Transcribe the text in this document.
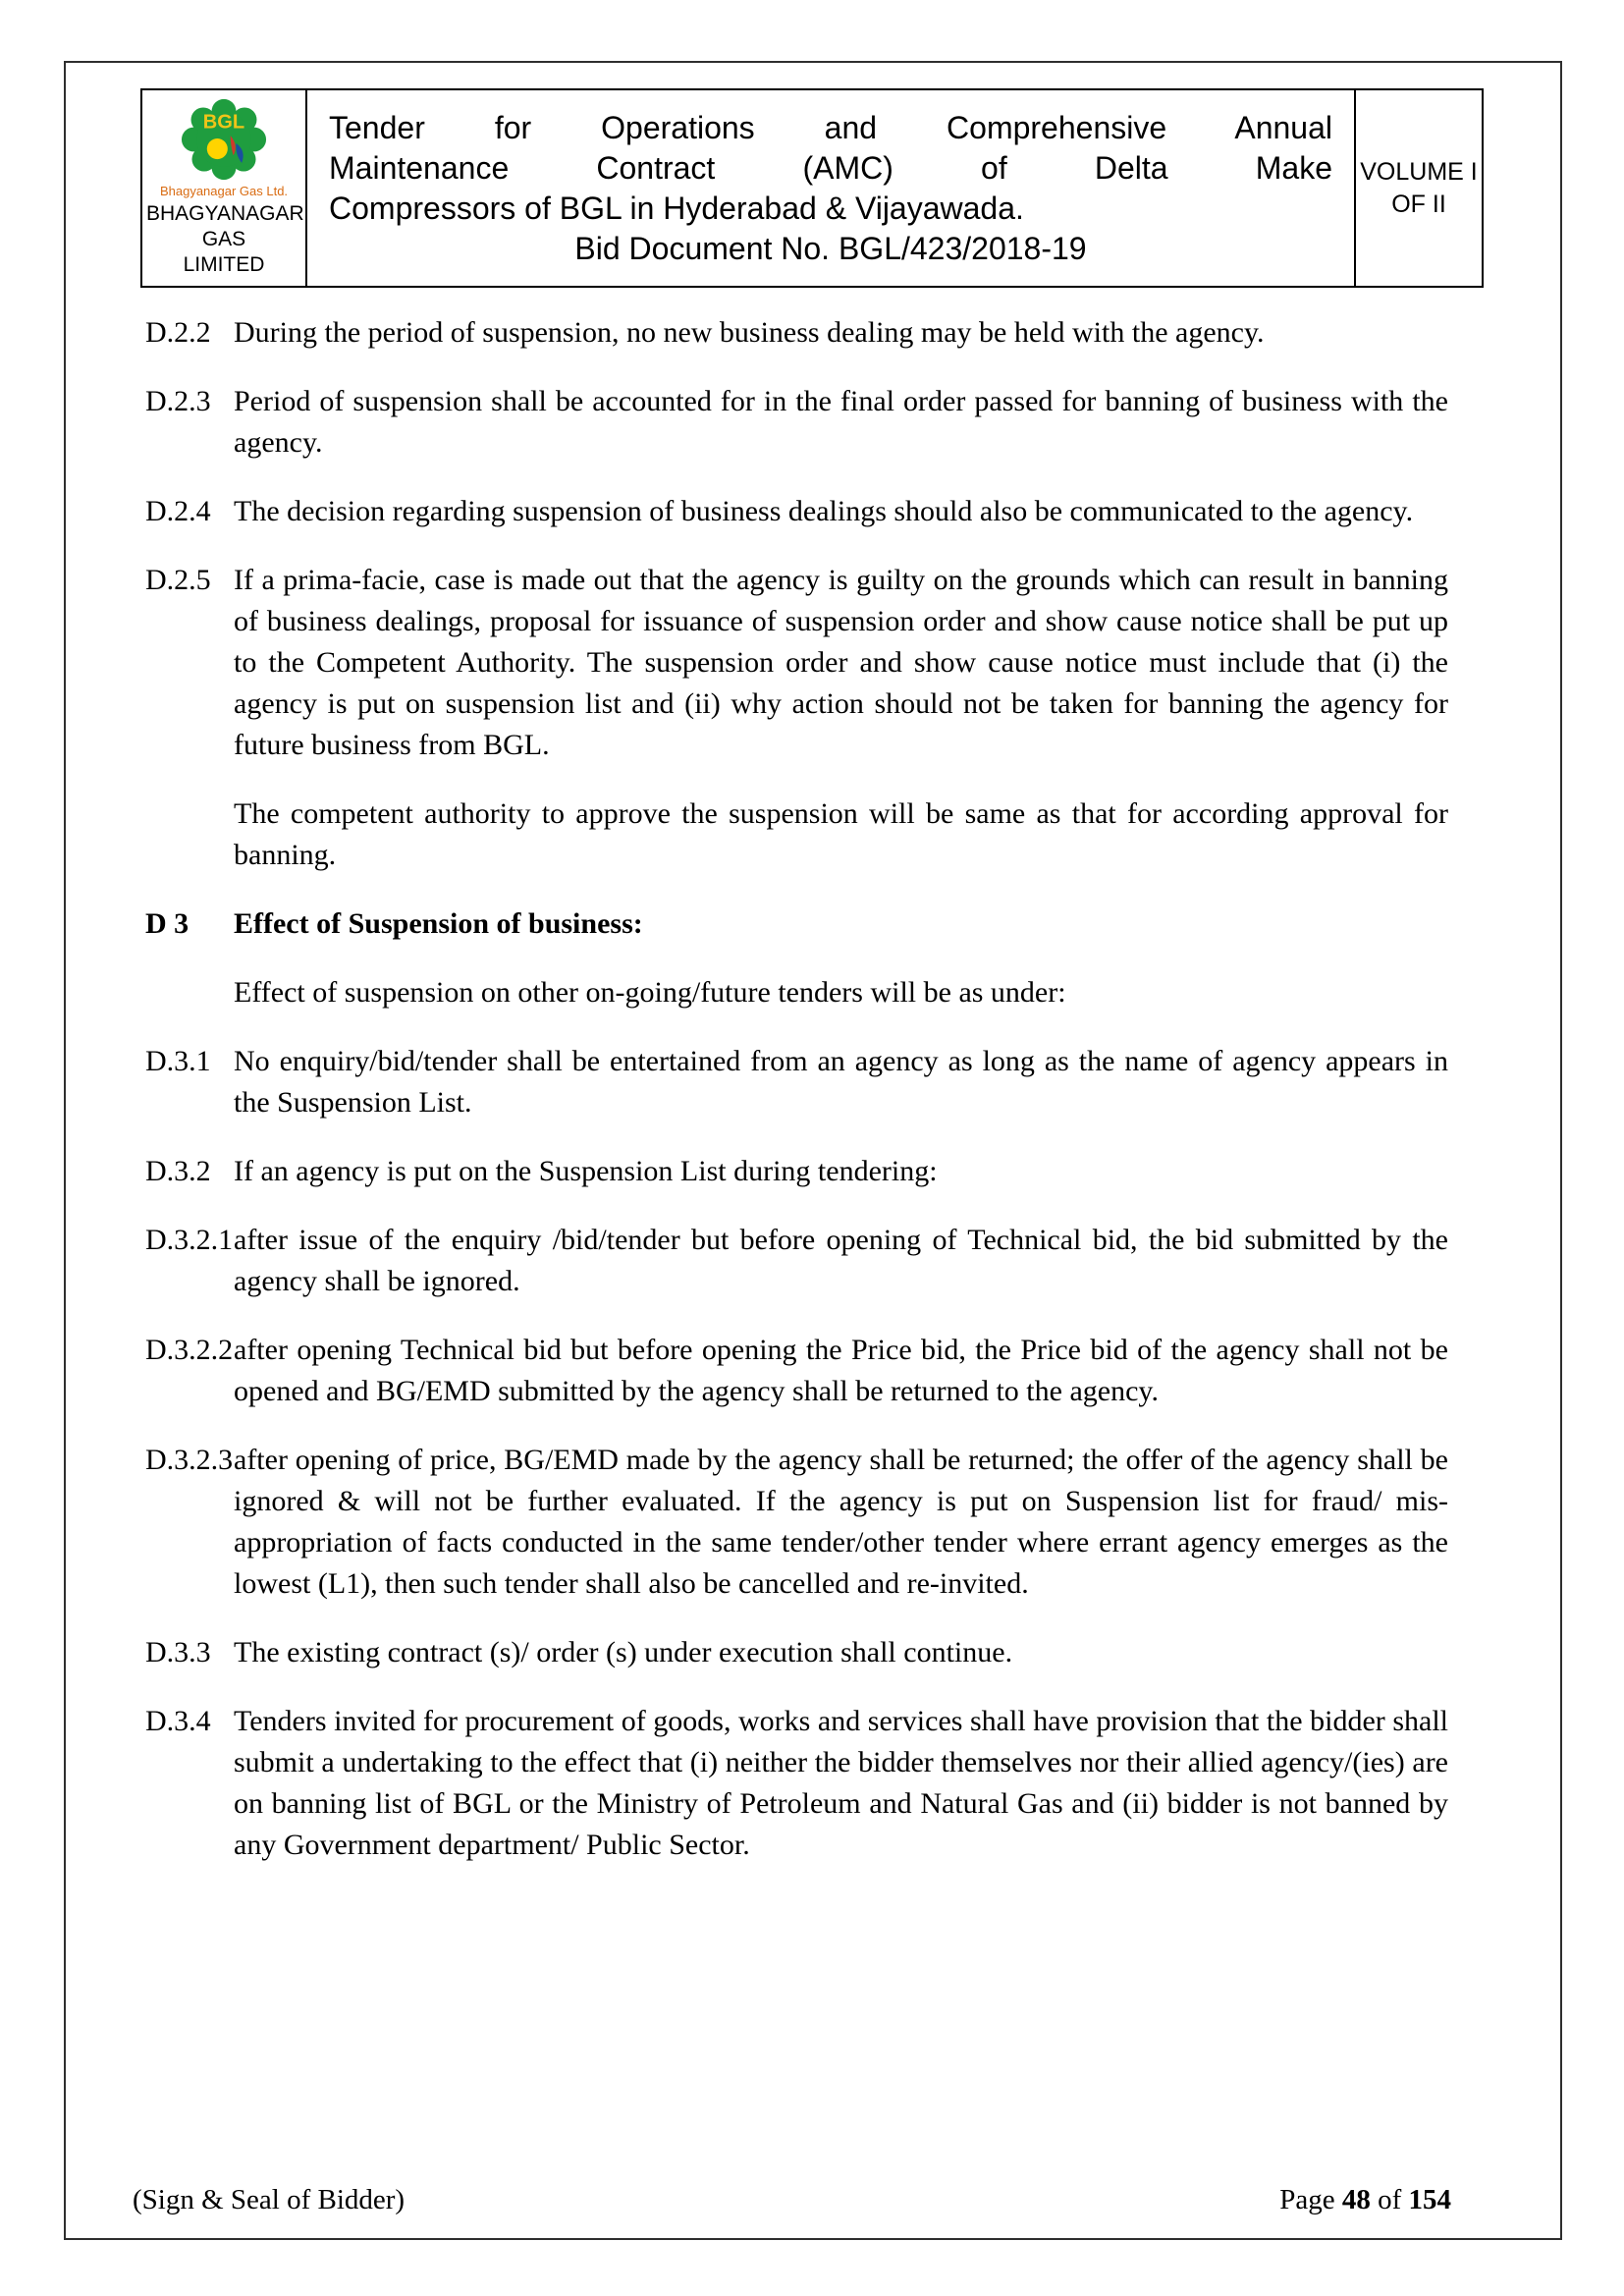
BGL
Bhagyanagar Gas Ltd.
BHAGYANAGAR GAS
LIMITED

Tender for Operations and Comprehensive Annual
Maintenance Contract (AMC) of Delta Make
Compressors of BGL in Hyderabad & Vijayawada.
Bid Document No. BGL/423/2018-19

VOLUME I
OF II
D.2.2 During the period of suspension, no new business dealing may be held with the agency.
D.2.3 Period of suspension shall be accounted for in the final order passed for banning of business with the agency.
D.2.4 The decision regarding suspension of business dealings should also be communicated to the agency.
D.2.5 If a prima-facie, case is made out that the agency is guilty on the grounds which can result in banning of business dealings, proposal for issuance of suspension order and show cause notice shall be put up to the Competent Authority. The suspension order and show cause notice must include that (i) the agency is put on suspension list and (ii) why action should not be taken for banning the agency for future business from BGL.
The competent authority to approve the suspension will be same as that for according approval for banning.
D 3	Effect of Suspension of business:
Effect of suspension on other on-going/future tenders will be as under:
D.3.1 No enquiry/bid/tender shall be entertained from an agency as long as the name of agency appears in the Suspension List.
D.3.2 If an agency is put on the Suspension List during tendering:
D.3.2.1 after issue of the enquiry /bid/tender but before opening of Technical bid, the bid submitted by the agency shall be ignored.
D.3.2.2 after opening Technical bid but before opening the Price bid, the Price bid of the agency shall not be opened and BG/EMD submitted by the agency shall be returned to the agency.
D.3.2.3 after opening of price, BG/EMD made by the agency shall be returned; the offer of the agency shall be ignored & will not be further evaluated. If the agency is put on Suspension list for fraud/ mis-appropriation of facts conducted in the same tender/other tender where errant agency emerges as the lowest (L1), then such tender shall also be cancelled and re-invited.
D.3.3 The existing contract (s)/ order (s) under execution shall continue.
D.3.4 Tenders invited for procurement of goods, works and services shall have provision that the bidder shall submit a undertaking to the effect that (i) neither the bidder themselves nor their allied agency/(ies) are on banning list of BGL or the Ministry of Petroleum and Natural Gas and (ii) bidder is not banned by any Government department/ Public Sector.
(Sign & Seal of Bidder)	Page 48 of 154
